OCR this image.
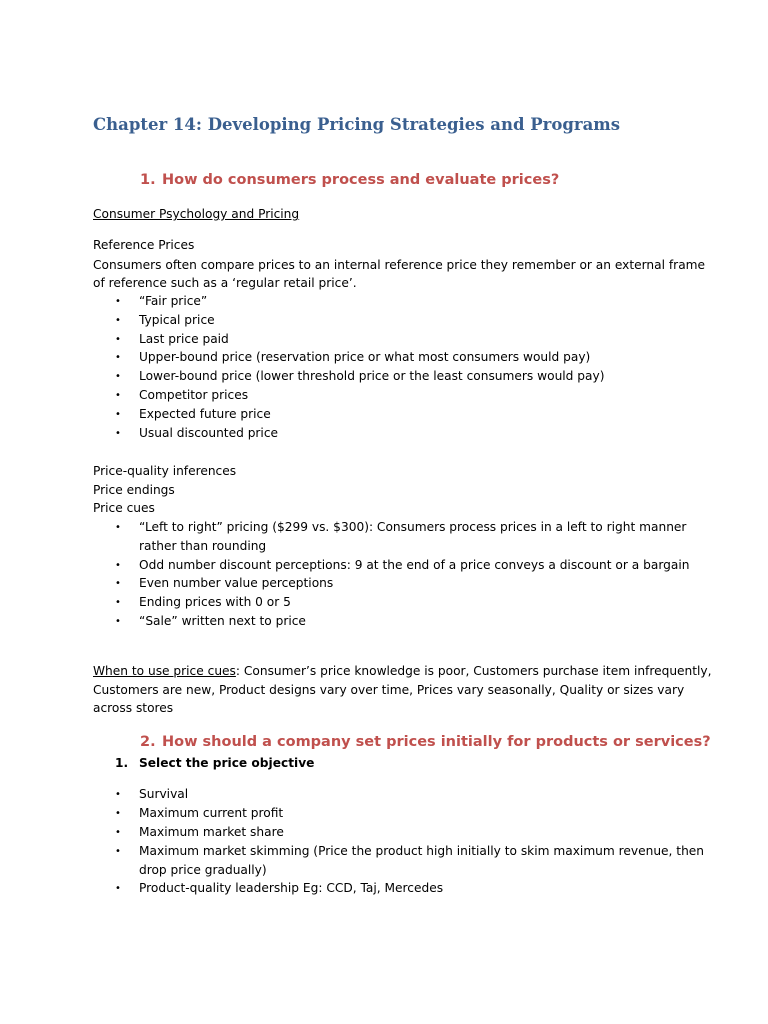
Chapter 14: Developing Pricing Strategies and Programs
1. How do consumers process and evaluate prices?
Consumer Psychology and Pricing
Reference Prices
Consumers often compare prices to an internal reference price they remember or an external frame
of reference such as a ‘regular retail price’.
• “Fair price”
• Typical price
• Last price paid
• Upper-bound price (reservation price or what most consumers would pay)
• Lower-bound price (lower threshold price or the least consumers would pay)
• Competitor prices
• Expected future price
• Usual discounted price
Price-quality inferences
Price endings
Price cues
• “Left to right” pricing ($299 vs. $300): Consumers process prices in a left to right manner
rather than rounding
• Odd number discount perceptions: 9 at the end of a price conveys a discount or a bargain
• Even number value perceptions
• Ending prices with 0 or 5
• “Sale” written next to price
When to use price cues: Consumer’s price knowledge is poor, Customers purchase item infrequently,
Customers are new, Product designs vary over time, Prices vary seasonally, Quality or sizes vary
across stores
2. How should a company set prices initially for products or services?
1. Select the price objective
• Survival
• Maximum current profit
• Maximum market share
• Maximum market skimming (Price the product high initially to skim maximum revenue, then
drop price gradually)
• Product-quality leadership Eg: CCD, Taj, Mercedes
